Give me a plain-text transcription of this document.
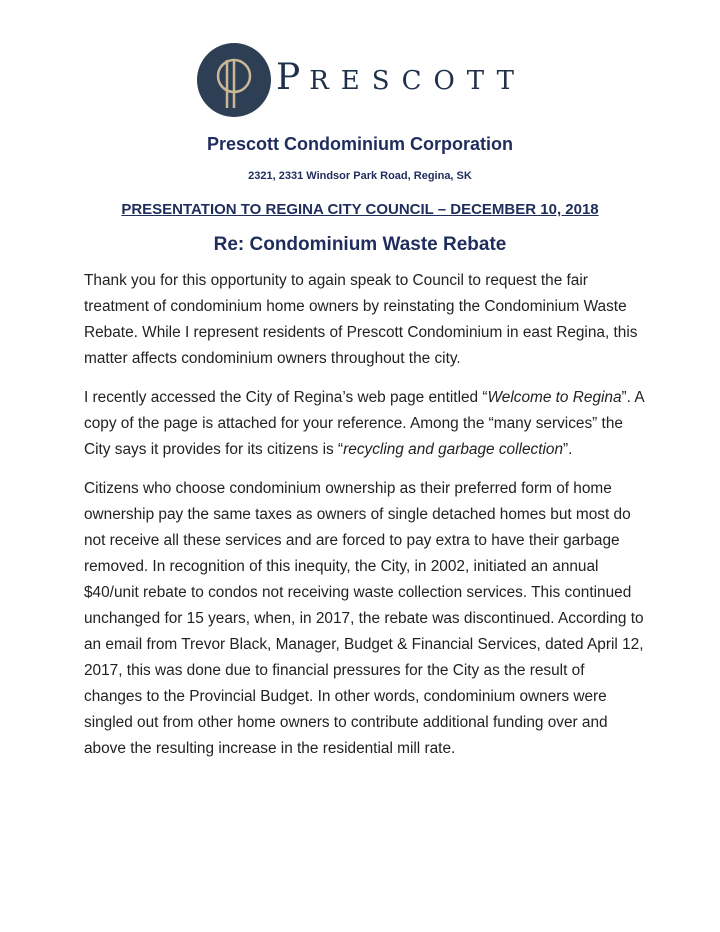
PRESCOTT
Prescott Condominium Corporation
2321, 2331 Windsor Park Road, Regina, SK
PRESENTATION TO REGINA CITY COUNCIL – DECEMBER 10, 2018
Re: Condominium Waste Rebate

Thank you for this opportunity to again speak to Council to request the fair treatment of condominium home owners by reinstating the Condominium Waste Rebate. While I represent residents of Prescott Condominium in east Regina, this matter affects condominium owners throughout the city.

I recently accessed the City of Regina’s web page entitled “Welcome to Regina”. A copy of the page is attached for your reference. Among the “many services” the City says it provides for its citizens is “recycling and garbage collection”.

Citizens who choose condominium ownership as their preferred form of home ownership pay the same taxes as owners of single detached homes but most do not receive all these services and are forced to pay extra to have their garbage removed. In recognition of this inequity, the City, in 2002, initiated an annual $40/unit rebate to condos not receiving waste collection services. This continued unchanged for 15 years, when, in 2017, the rebate was discontinued. According to an email from Trevor Black, Manager, Budget & Financial Services, dated April 12, 2017, this was done due to financial pressures for the City as the result of changes to the Provincial Budget. In other words, condominium owners were singled out from other home owners to contribute additional funding over and above the resulting increase in the residential mill rate.
